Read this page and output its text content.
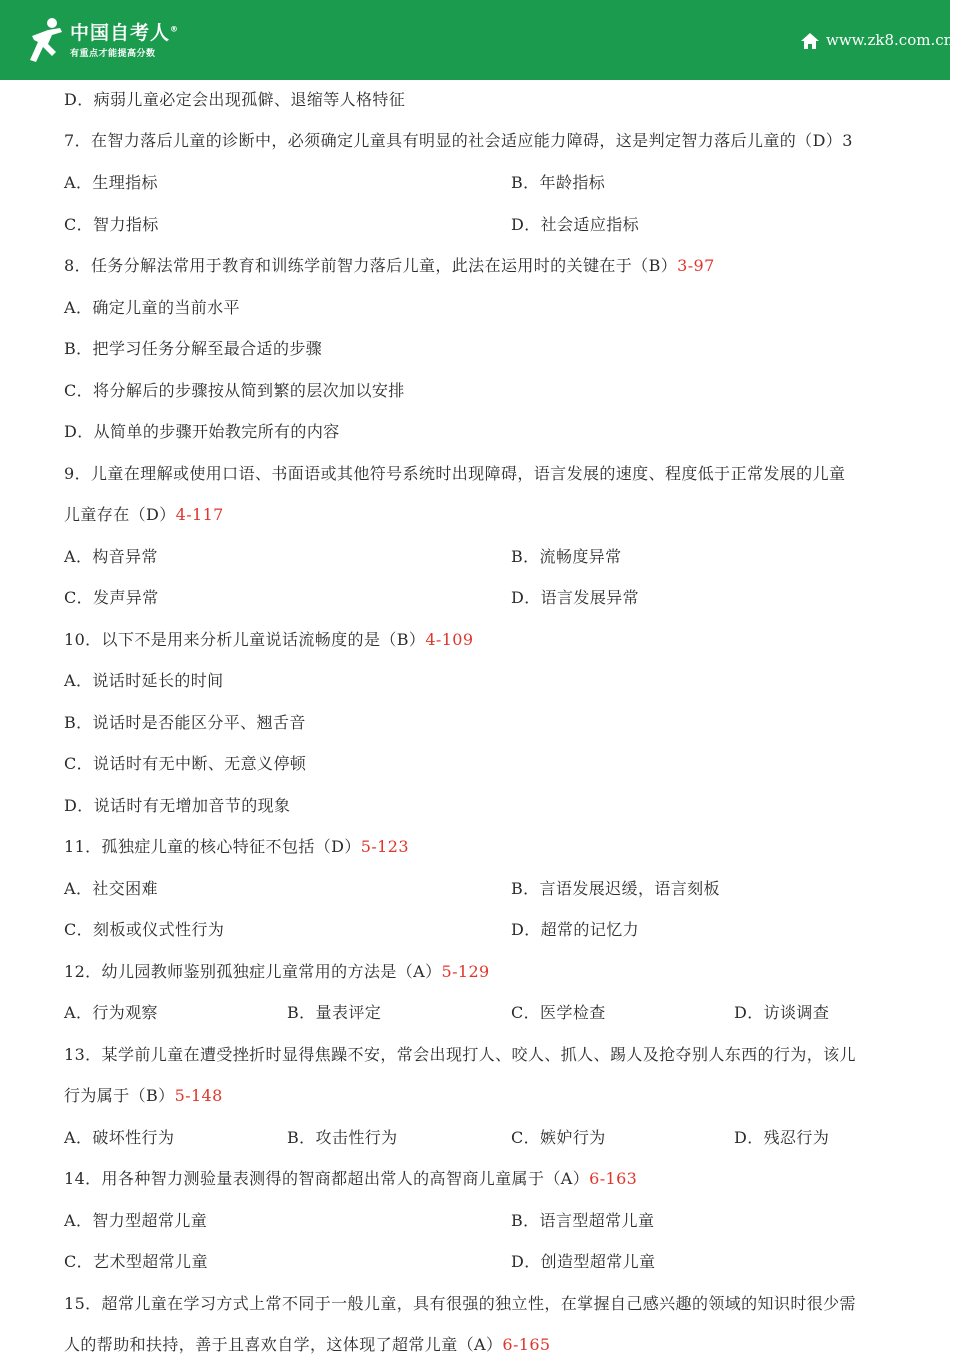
中国自考人®
有重点才能提高分数
www.zk8.com.cn
D．病弱儿童必定会出现孤僻、退缩等人格特征
7．在智力落后儿童的诊断中，必须确定儿童具有明显的社会适应能力障碍，这是判定智力落后儿童的（D）3
A．生理指标	B．年龄指标
C．智力指标	D．社会适应指标
8．任务分解法常用于教育和训练学前智力落后儿童，此法在运用时的关键在于（B）3-97
A．确定儿童的当前水平
B．把学习任务分解至最合适的步骤
C．将分解后的步骤按从简到繁的层次加以安排
D．从简单的步骤开始教完所有的内容
9．儿童在理解或使用口语、书面语或其他符号系统时出现障碍，语言发展的速度、程度低于正常发展的儿童
儿童存在（D）4-117
A．构音异常	B．流畅度异常
C．发声异常	D．语言发展异常
10．以下不是用来分析儿童说话流畅度的是（B）4-109
A．说话时延长的时间
B．说话时是否能区分平、翘舌音
C．说话时有无中断、无意义停顿
D．说话时有无增加音节的现象
11．孤独症儿童的核心特征不包括（D）5-123
A．社交困难	B．言语发展迟缓，语言刻板
C．刻板或仪式性行为	D．超常的记忆力
12．幼儿园教师鉴别孤独症儿童常用的方法是（A）5-129
A．行为观察	B．量表评定	C．医学检查	D．访谈调查
13．某学前儿童在遭受挫折时显得焦躁不安，常会出现打人、咬人、抓人、踢人及抢夺别人东西的行为，该儿
行为属于（B）5-148
A．破坏性行为	B．攻击性行为	C．嫉妒行为	D．残忍行为
14．用各种智力测验量表测得的智商都超出常人的高智商儿童属于（A）6-163
A．智力型超常儿童	B．语言型超常儿童
C．艺术型超常儿童	D．创造型超常儿童
15．超常儿童在学习方式上常不同于一般儿童，具有很强的独立性，在掌握自己感兴趣的领域的知识时很少需
人的帮助和扶持，善于且喜欢自学，这体现了超常儿童（A）6-165
